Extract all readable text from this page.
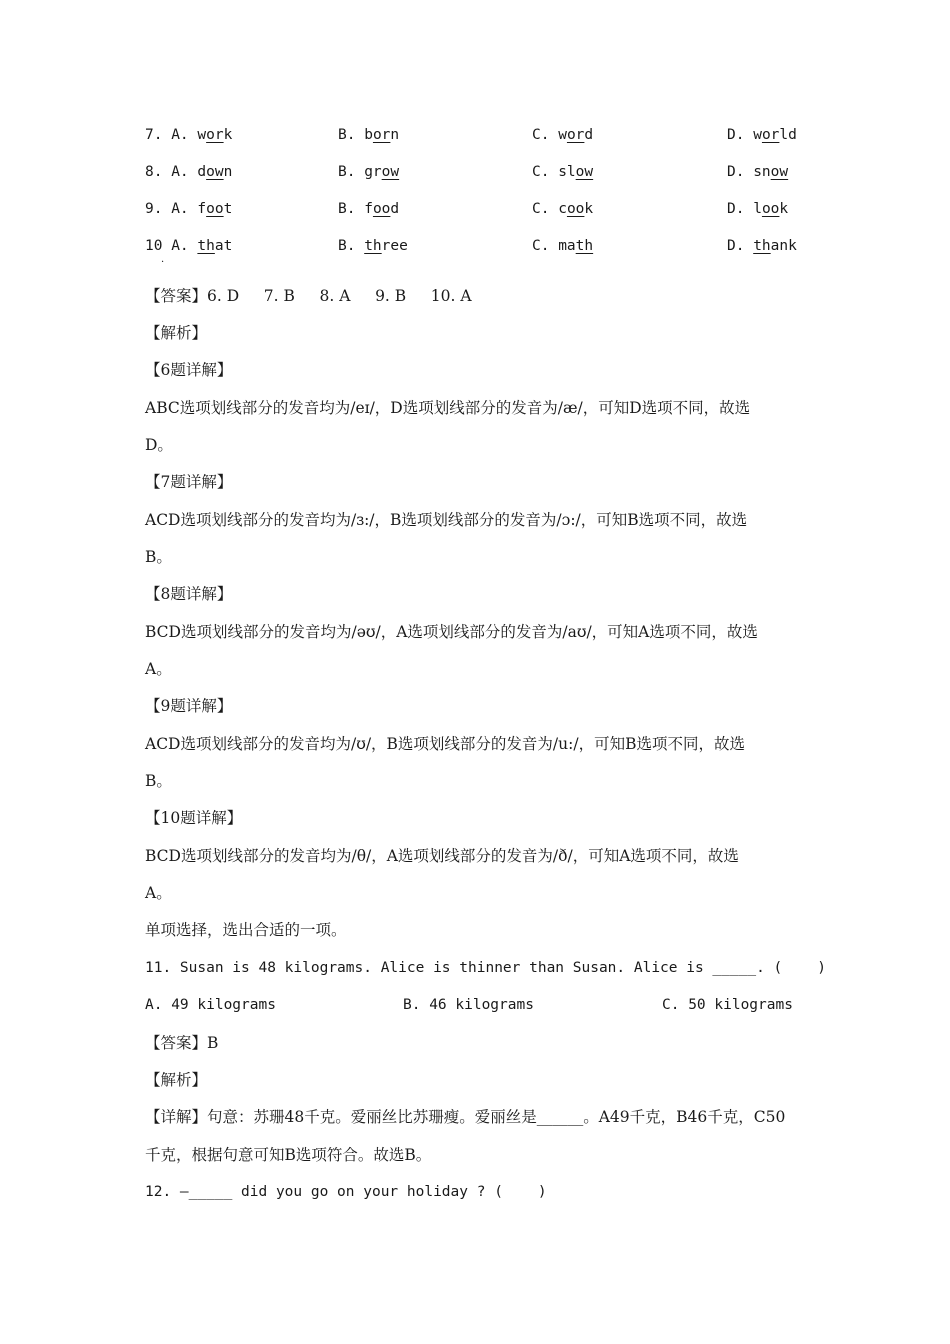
7. A. work	B. born	C. word	D. world
8. A. down	B. grow	C. slow	D. snow
9. A. foot	B. food	C. cook	D. look
10 A. that	B. three	C. math	D. thank
·
【答案】6. D     7. B     8. A     9. B     10. A
【解析】
【6题详解】
ABC选项划线部分的发音均为/eɪ/，D选项划线部分的发音为/æ/，可知D选项不同，故选
D。
【7题详解】
ACD选项划线部分的发音均为/ɜ:/，B选项划线部分的发音为/ɔ:/，可知B选项不同，故选
B。
【8题详解】
BCD选项划线部分的发音均为/əʊ/，A选项划线部分的发音为/aʊ/，可知A选项不同，故选
A。
【9题详解】
ACD选项划线部分的发音均为/ʊ/，B选项划线部分的发音为/u:/，可知B选项不同，故选
B。
【10题详解】
BCD选项划线部分的发音均为/θ/，A选项划线部分的发音为/ð/，可知A选项不同，故选
A。
单项选择，选出合适的一项。
11. Susan is 48 kilograms. Alice is thinner than Susan. Alice is _____. (    )
A. 49 kilograms	B. 46 kilograms	C. 50 kilograms
【答案】B
【解析】
【详解】句意：苏珊48千克。爱丽丝比苏珊瘦。爱丽丝是______。A49千克，B46千克，C50
千克，根据句意可知B选项符合。故选B。
12. —_____ did you go on your holiday ? (    )
